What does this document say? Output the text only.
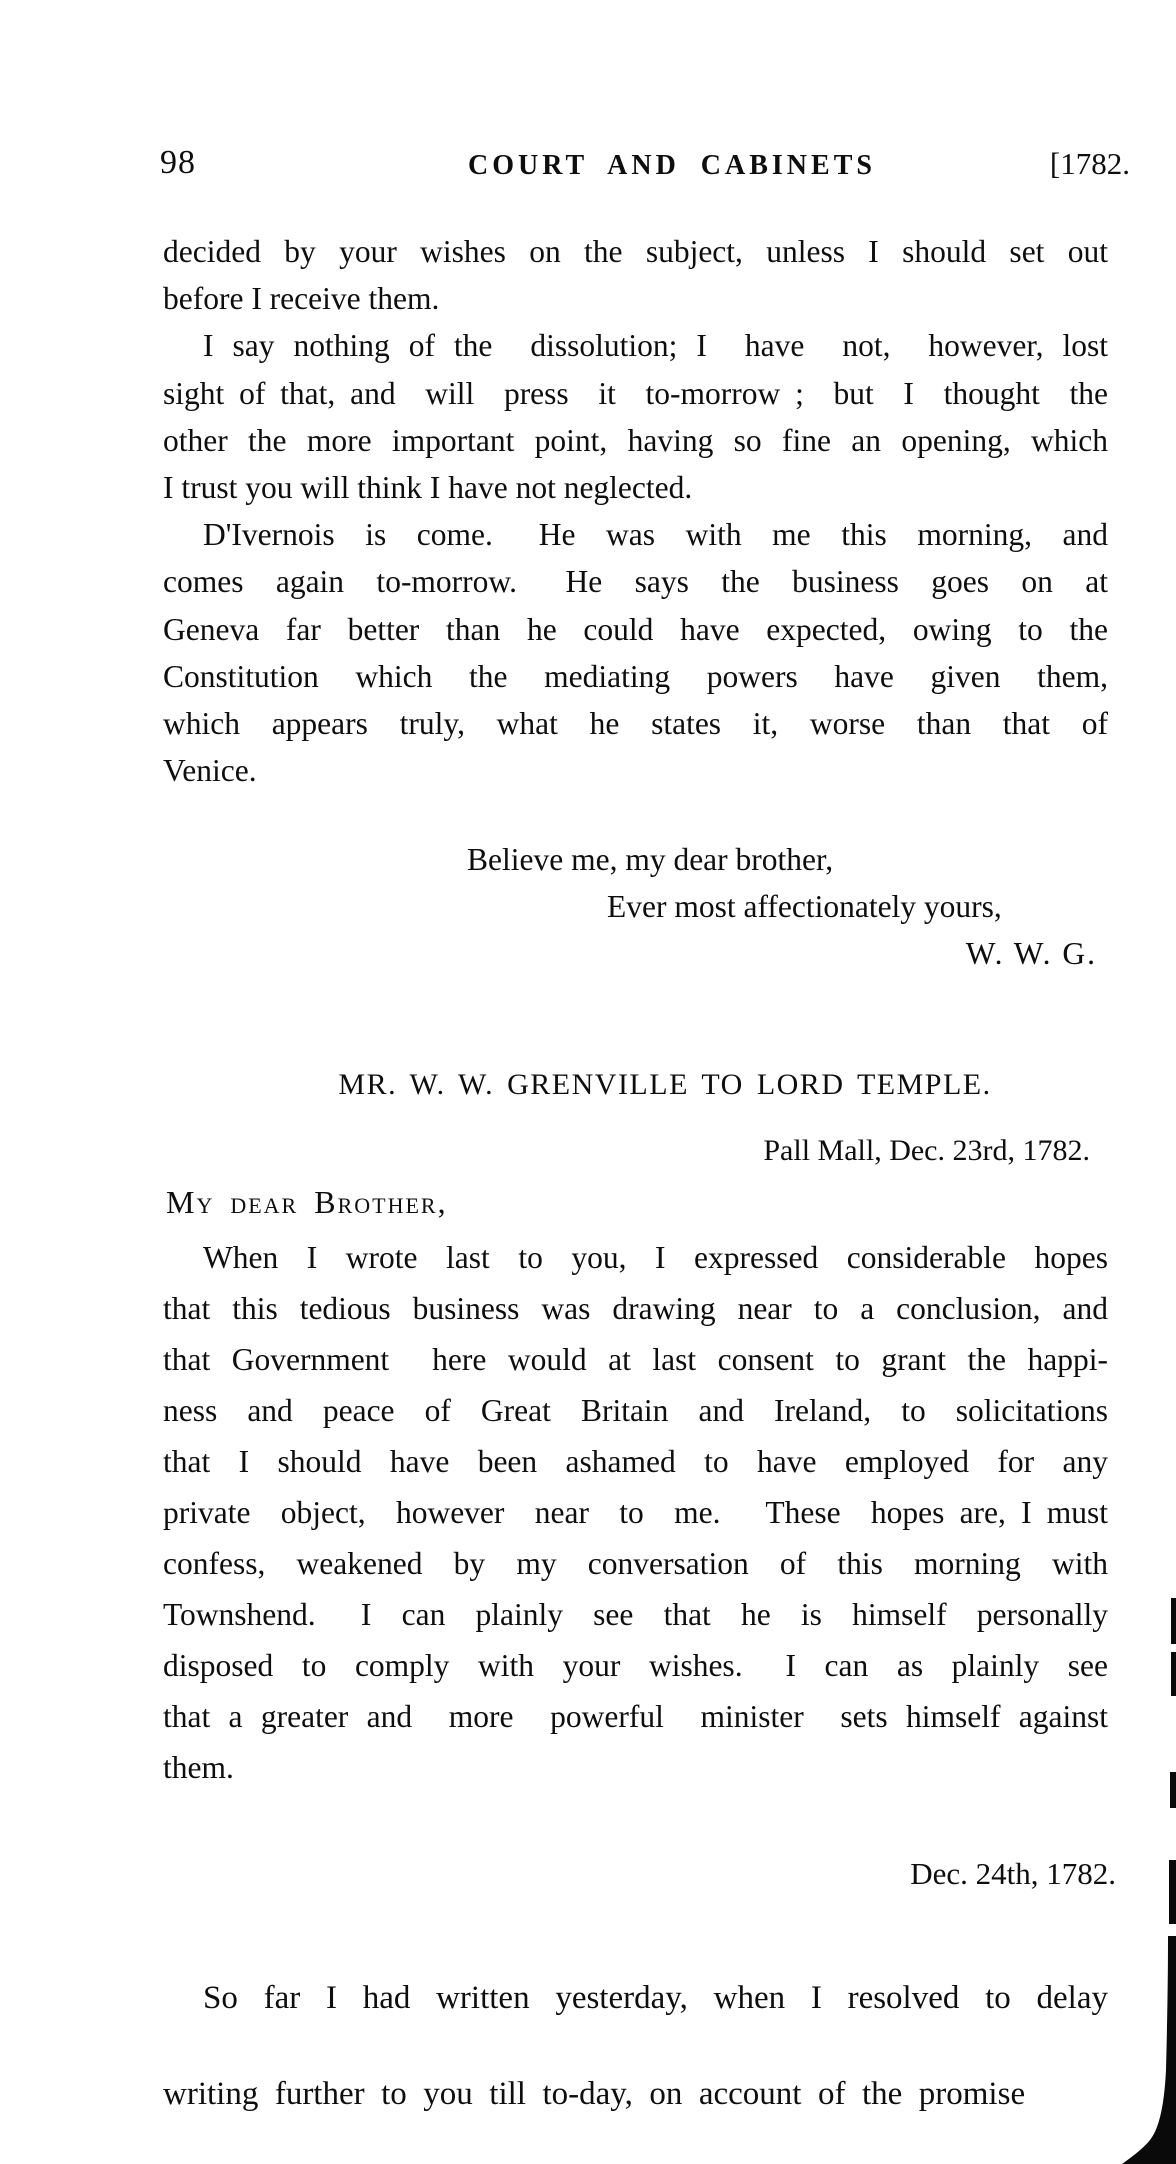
98	COURT AND CABINETS	[1782.
decided by your wishes on the subject, unless I should set out
before I receive them.
I say nothing of the  dissolution; I  have  not,  however, lost
sight of that, and  will  press  it  to-morrow ;  but  I  thought  the
other the more important point, having so fine an opening, which
I trust you will think I have not neglected.
D'Ivernois  is  come.   He  was  with  me  this  morning,  and
comes  again  to-morrow.   He  says  the  business  goes  on  at
Geneva  far  better  than  he  could  have  expected,  owing  to  the
Constitution  which  the  mediating  powers  have  given  them,
which  appears  truly,  what  he  states  it,  worse  than  that  of
Venice.
Believe me, my dear brother,
Ever most affectionately yours,
W. W. G.
MR. W. W. GRENVILLE TO LORD TEMPLE.
Pall Mall, Dec. 23rd, 1782.
My dear Brother,
When  I  wrote  last  to  you,  I  expressed  considerable  hopes
that this tedious business was drawing near to a conclusion, and
that Government  here would at last consent to grant the happi-
ness  and  peace  of  Great  Britain  and  Ireland,  to  solicitations
that  I  should  have  been  ashamed  to  have  employed  for  any
private  object,  however  near  to  me.   These  hopes are, I must
confess,  weakened  by  my  conversation  of  this  morning  with
Townshend.   I  can  plainly  see  that  he  is  himself  personally
disposed  to  comply  with  your  wishes.   I  can  as  plainly  see
that a greater and  more  powerful  minister  sets himself against
them.
Dec. 24th, 1782.
So  far  I  had  written  yesterday,  when  I  resolved  to  delay
writing  further  to  you  till  to-day,  on  account  of  the  promise
